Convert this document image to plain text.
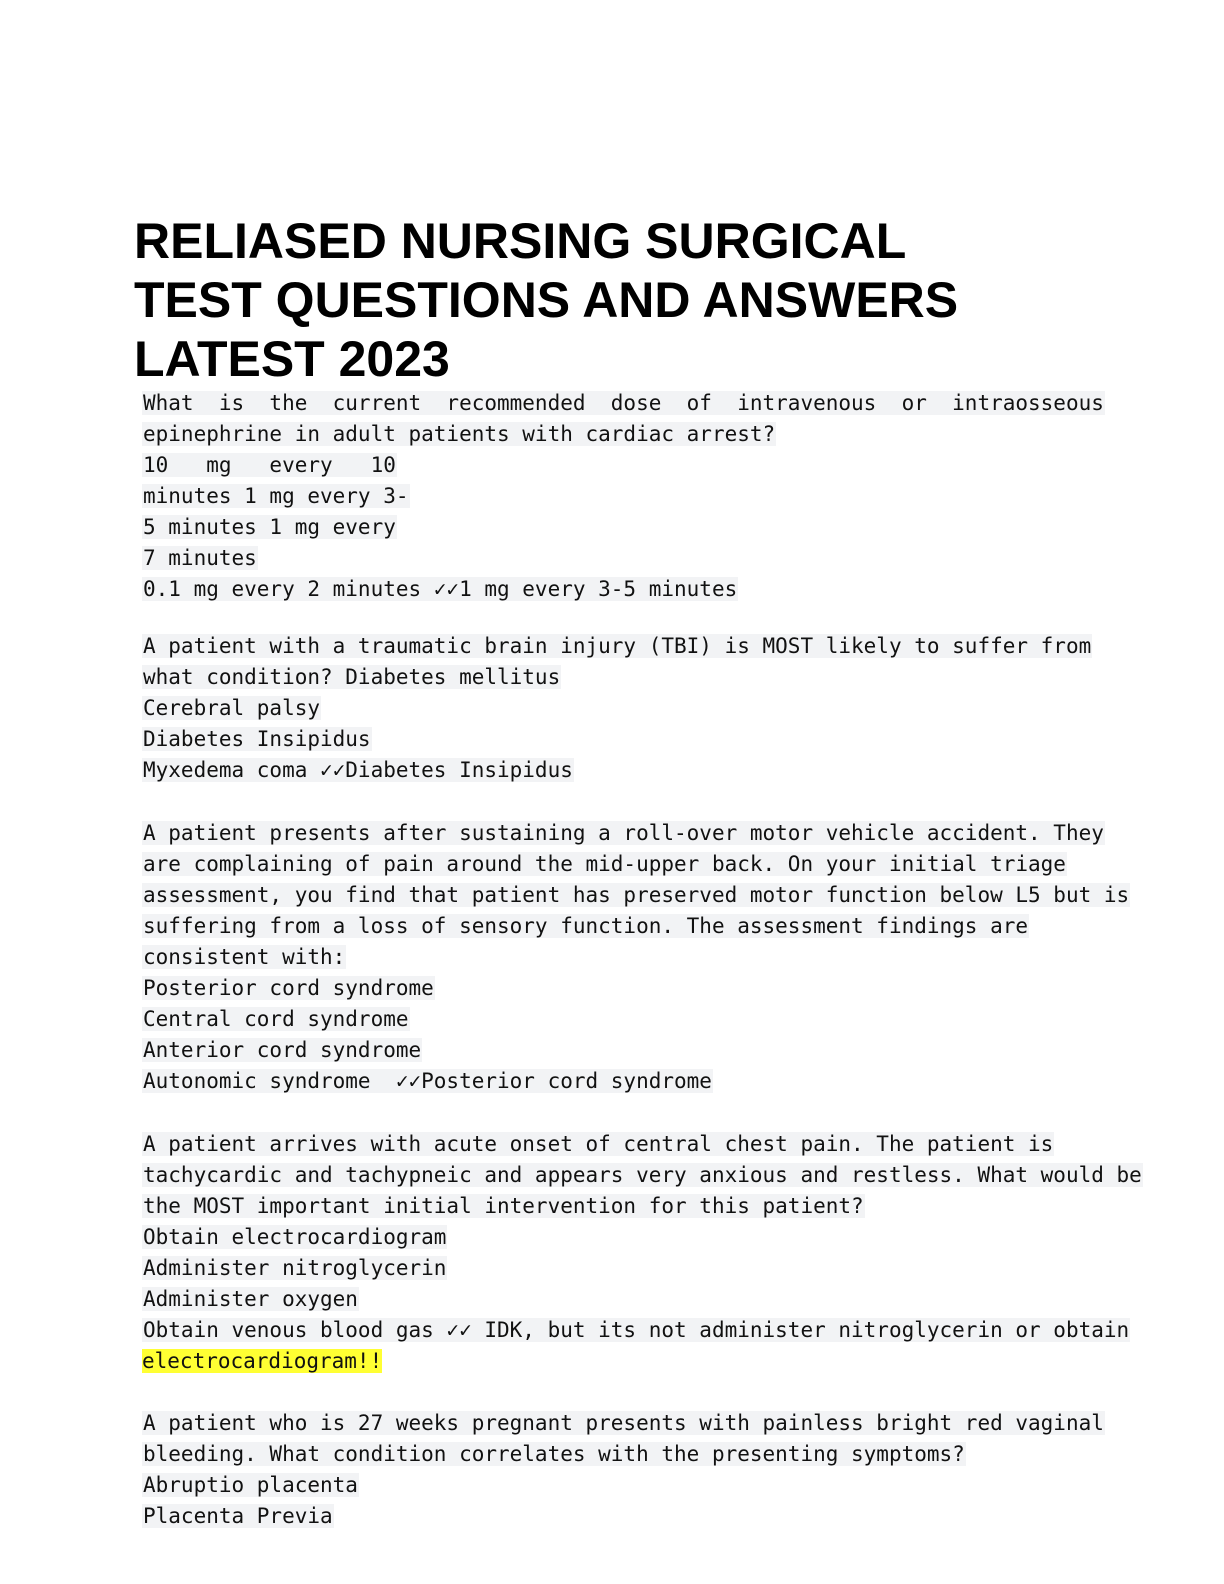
RELIASED NURSING SURGICAL
TEST QUESTIONS AND ANSWERS
LATEST 2023
What  is  the  current  recommended  dose  of  intravenous  or  intraosseous
epinephrine in adult patients with cardiac arrest?
10   mg   every   10
minutes 1 mg every 3-
5 minutes 1 mg every
7 minutes
0.1 mg every 2 minutes ✓✓1 mg every 3-5 minutes
A patient with a traumatic brain injury (TBI) is MOST likely to suffer from
what condition? Diabetes mellitus
Cerebral palsy
Diabetes Insipidus
Myxedema coma ✓✓Diabetes Insipidus
A patient presents after sustaining a roll-over motor vehicle accident. They
are complaining of pain around the mid-upper back. On your initial triage
assessment, you find that patient has preserved motor function below L5 but is
suffering from a loss of sensory function. The assessment findings are
consistent with:
Posterior cord syndrome
Central cord syndrome
Anterior cord syndrome
Autonomic syndrome  ✓✓Posterior cord syndrome
A patient arrives with acute onset of central chest pain. The patient is
tachycardic and tachypneic and appears very anxious and restless. What would be
the MOST important initial intervention for this patient?
Obtain electrocardiogram
Administer nitroglycerin
Administer oxygen
Obtain venous blood gas ✓✓ IDK, but its not administer nitroglycerin or obtain
electrocardiogram!!
A patient who is 27 weeks pregnant presents with painless bright red vaginal
bleeding. What condition correlates with the presenting symptoms?
Abruptio placenta
Placenta Previa
